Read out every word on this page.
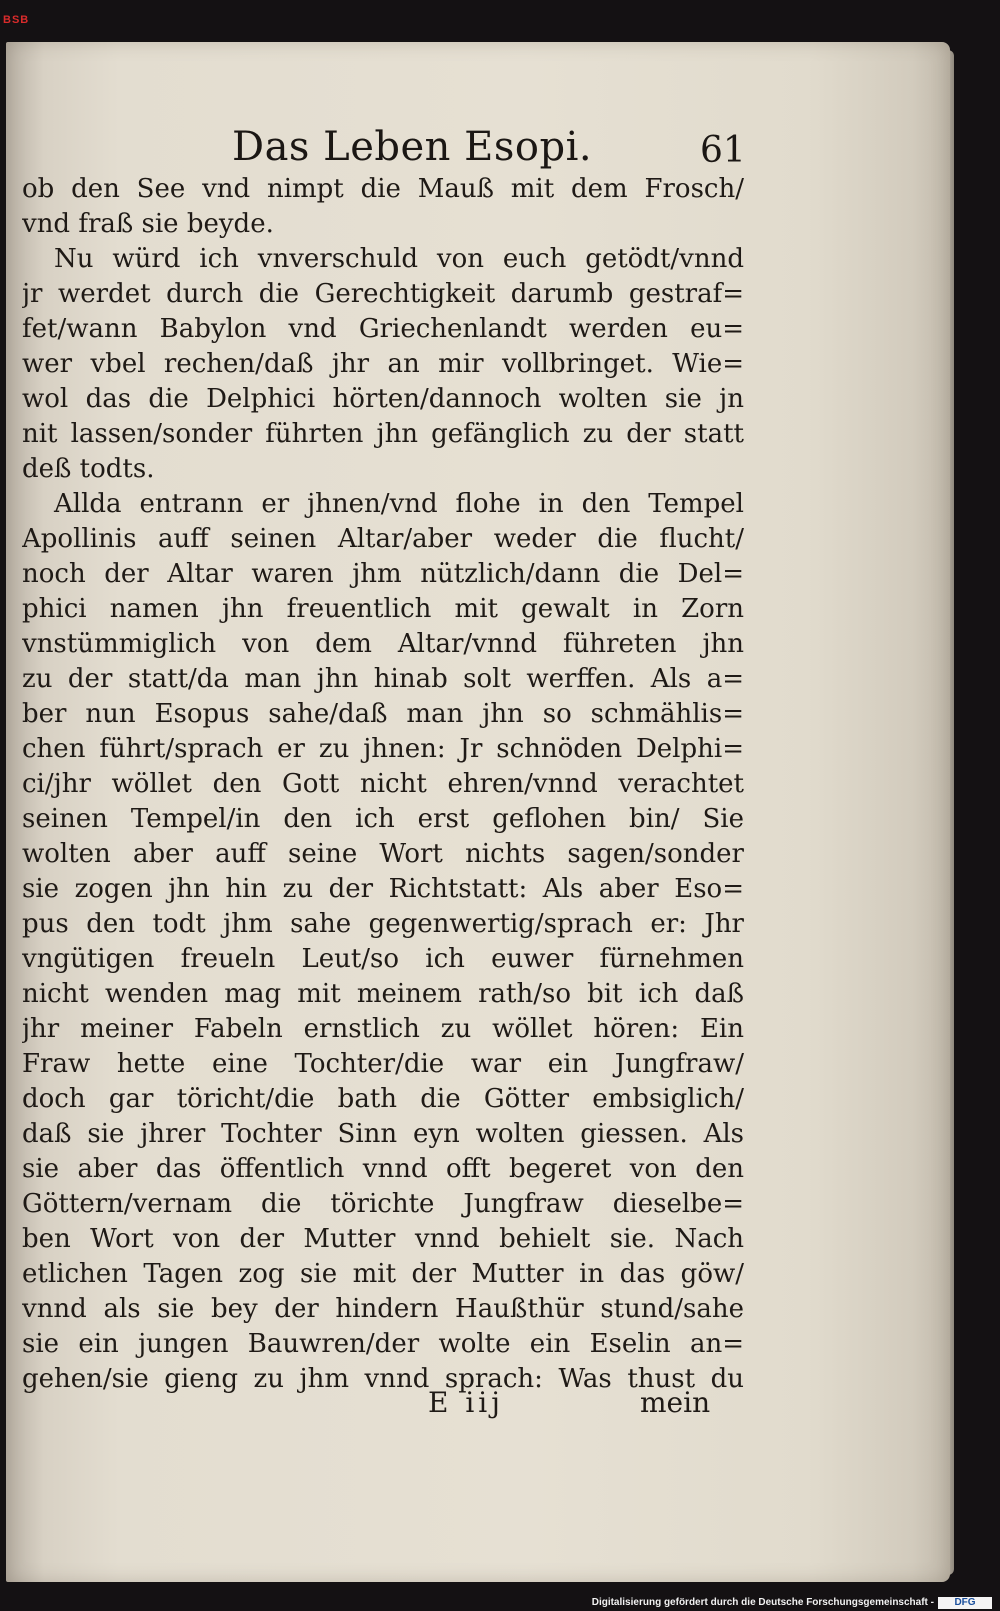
BSB
Das Leben Esopi.	61
ob den See vnd nimpt die Mauß mit dem Frosch/
vnd fraß sie beyde.
Nu würd ich vnverschuld von euch getödt/vnnd
jr werdet durch die Gerechtigkeit darumb gestraf=
fet/wann Babylon vnd Griechenlandt werden eu=
wer vbel rechen/daß jhr an mir vollbringet. Wie=
wol das die Delphici hörten/dannoch wolten sie jn
nit lassen/sonder führten jhn gefänglich zu der statt
deß todts.
Allda entrann er jhnen/vnd flohe in den Tempel
Apollinis auff seinen Altar/aber weder die flucht/
noch der Altar waren jhm nützlich/dann die Del=
phici namen jhn freuentlich mit gewalt in Zorn
vnstümmiglich von dem Altar/vnnd führeten jhn
zu der statt/da man jhn hinab solt werffen. Als a=
ber nun Esopus sahe/daß man jhn so schmählis=
chen führt/sprach er zu jhnen: Jr schnöden Delphi=
ci/jhr wöllet den Gott nicht ehren/vnnd verachtet
seinen Tempel/in den ich erst geflohen bin/ Sie
wolten aber auff seine Wort nichts sagen/sonder
sie zogen jhn hin zu der Richtstatt: Als aber Eso=
pus den todt jhm sahe gegenwertig/sprach er: Jhr
vngütigen freueln Leut/so ich euwer fürnehmen
nicht wenden mag mit meinem rath/so bit ich daß
jhr meiner Fabeln ernstlich zu wöllet hören: Ein
Fraw hette eine Tochter/die war ein Jungfraw/
doch gar töricht/die bath die Götter embsiglich/
daß sie jhrer Tochter Sinn eyn wolten giessen. Als
sie aber das öffentlich vnnd offt begeret von den
Göttern/vernam die törichte Jungfraw dieselbe=
ben Wort von der Mutter vnnd behielt sie. Nach
etlichen Tagen zog sie mit der Mutter in das göw/
vnnd als sie bey der hindern Haußthür stund/sahe
sie ein jungen Bauwren/der wolte ein Eselin an=
gehen/sie gieng zu jhm vnnd sprach: Was thust du
E iij	mein
Digitalisierung gefördert durch die Deutsche Forschungsgemeinschaft -	DFG
